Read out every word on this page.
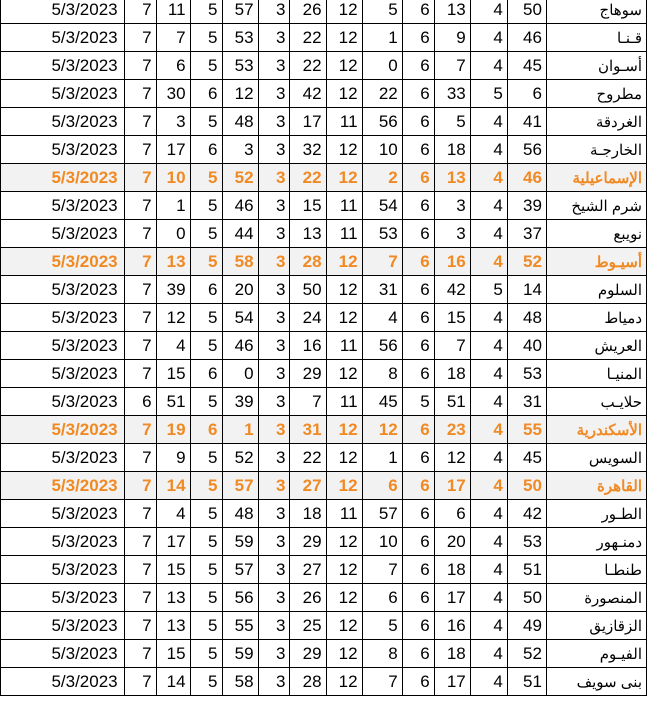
5/3/2023	7	11	5	57	3	26	12	5	6	13	4	50	سوهاج
5/3/2023	7	7	5	53	3	22	12	1	6	9	4	46	قـنـا
5/3/2023	7	6	5	53	3	22	12	0	6	7	4	45	أسـوان
5/3/2023	7	30	6	12	3	42	12	22	6	33	5	6	مطروح
5/3/2023	7	3	5	48	3	17	11	56	6	5	4	41	الغردقة
5/3/2023	7	17	6	3	3	32	12	10	6	18	4	56	الخارجـة
5/3/2023	7	10	5	52	3	22	12	2	6	13	4	46	الإسماعيلية
5/3/2023	7	1	5	46	3	15	11	54	6	3	4	39	شرم الشيخ
5/3/2023	7	0	5	44	3	13	11	53	6	3	4	37	نويبع
5/3/2023	7	13	5	58	3	28	12	7	6	16	4	52	أسيـوط
5/3/2023	7	39	6	20	3	50	12	31	6	42	5	14	السلوم
5/3/2023	7	12	5	54	3	24	12	4	6	15	4	48	دمياط
5/3/2023	7	4	5	46	3	16	11	56	6	7	4	40	العريش
5/3/2023	7	15	6	0	3	29	12	8	6	18	4	53	المنيـا
5/3/2023	6	51	5	39	3	7	11	45	5	51	4	31	حلايـب
5/3/2023	7	19	6	1	3	31	12	12	6	23	4	55	الأسكندرية
5/3/2023	7	9	5	52	3	22	12	1	6	12	4	45	السويس
5/3/2023	7	14	5	57	3	27	12	6	6	17	4	50	القاهرة
5/3/2023	7	4	5	48	3	18	11	57	6	6	4	42	الطـور
5/3/2023	7	17	5	59	3	29	12	10	6	20	4	53	دمنـهور
5/3/2023	7	15	5	57	3	27	12	7	6	18	4	51	طنطـا
5/3/2023	7	13	5	56	3	26	12	6	6	17	4	50	المنصورة
5/3/2023	7	13	5	55	3	25	12	5	6	16	4	49	الزقازيق
5/3/2023	7	15	5	59	3	29	12	8	6	18	4	52	الفيـوم
5/3/2023	7	14	5	58	3	28	12	7	6	17	4	51	بنى سويف
